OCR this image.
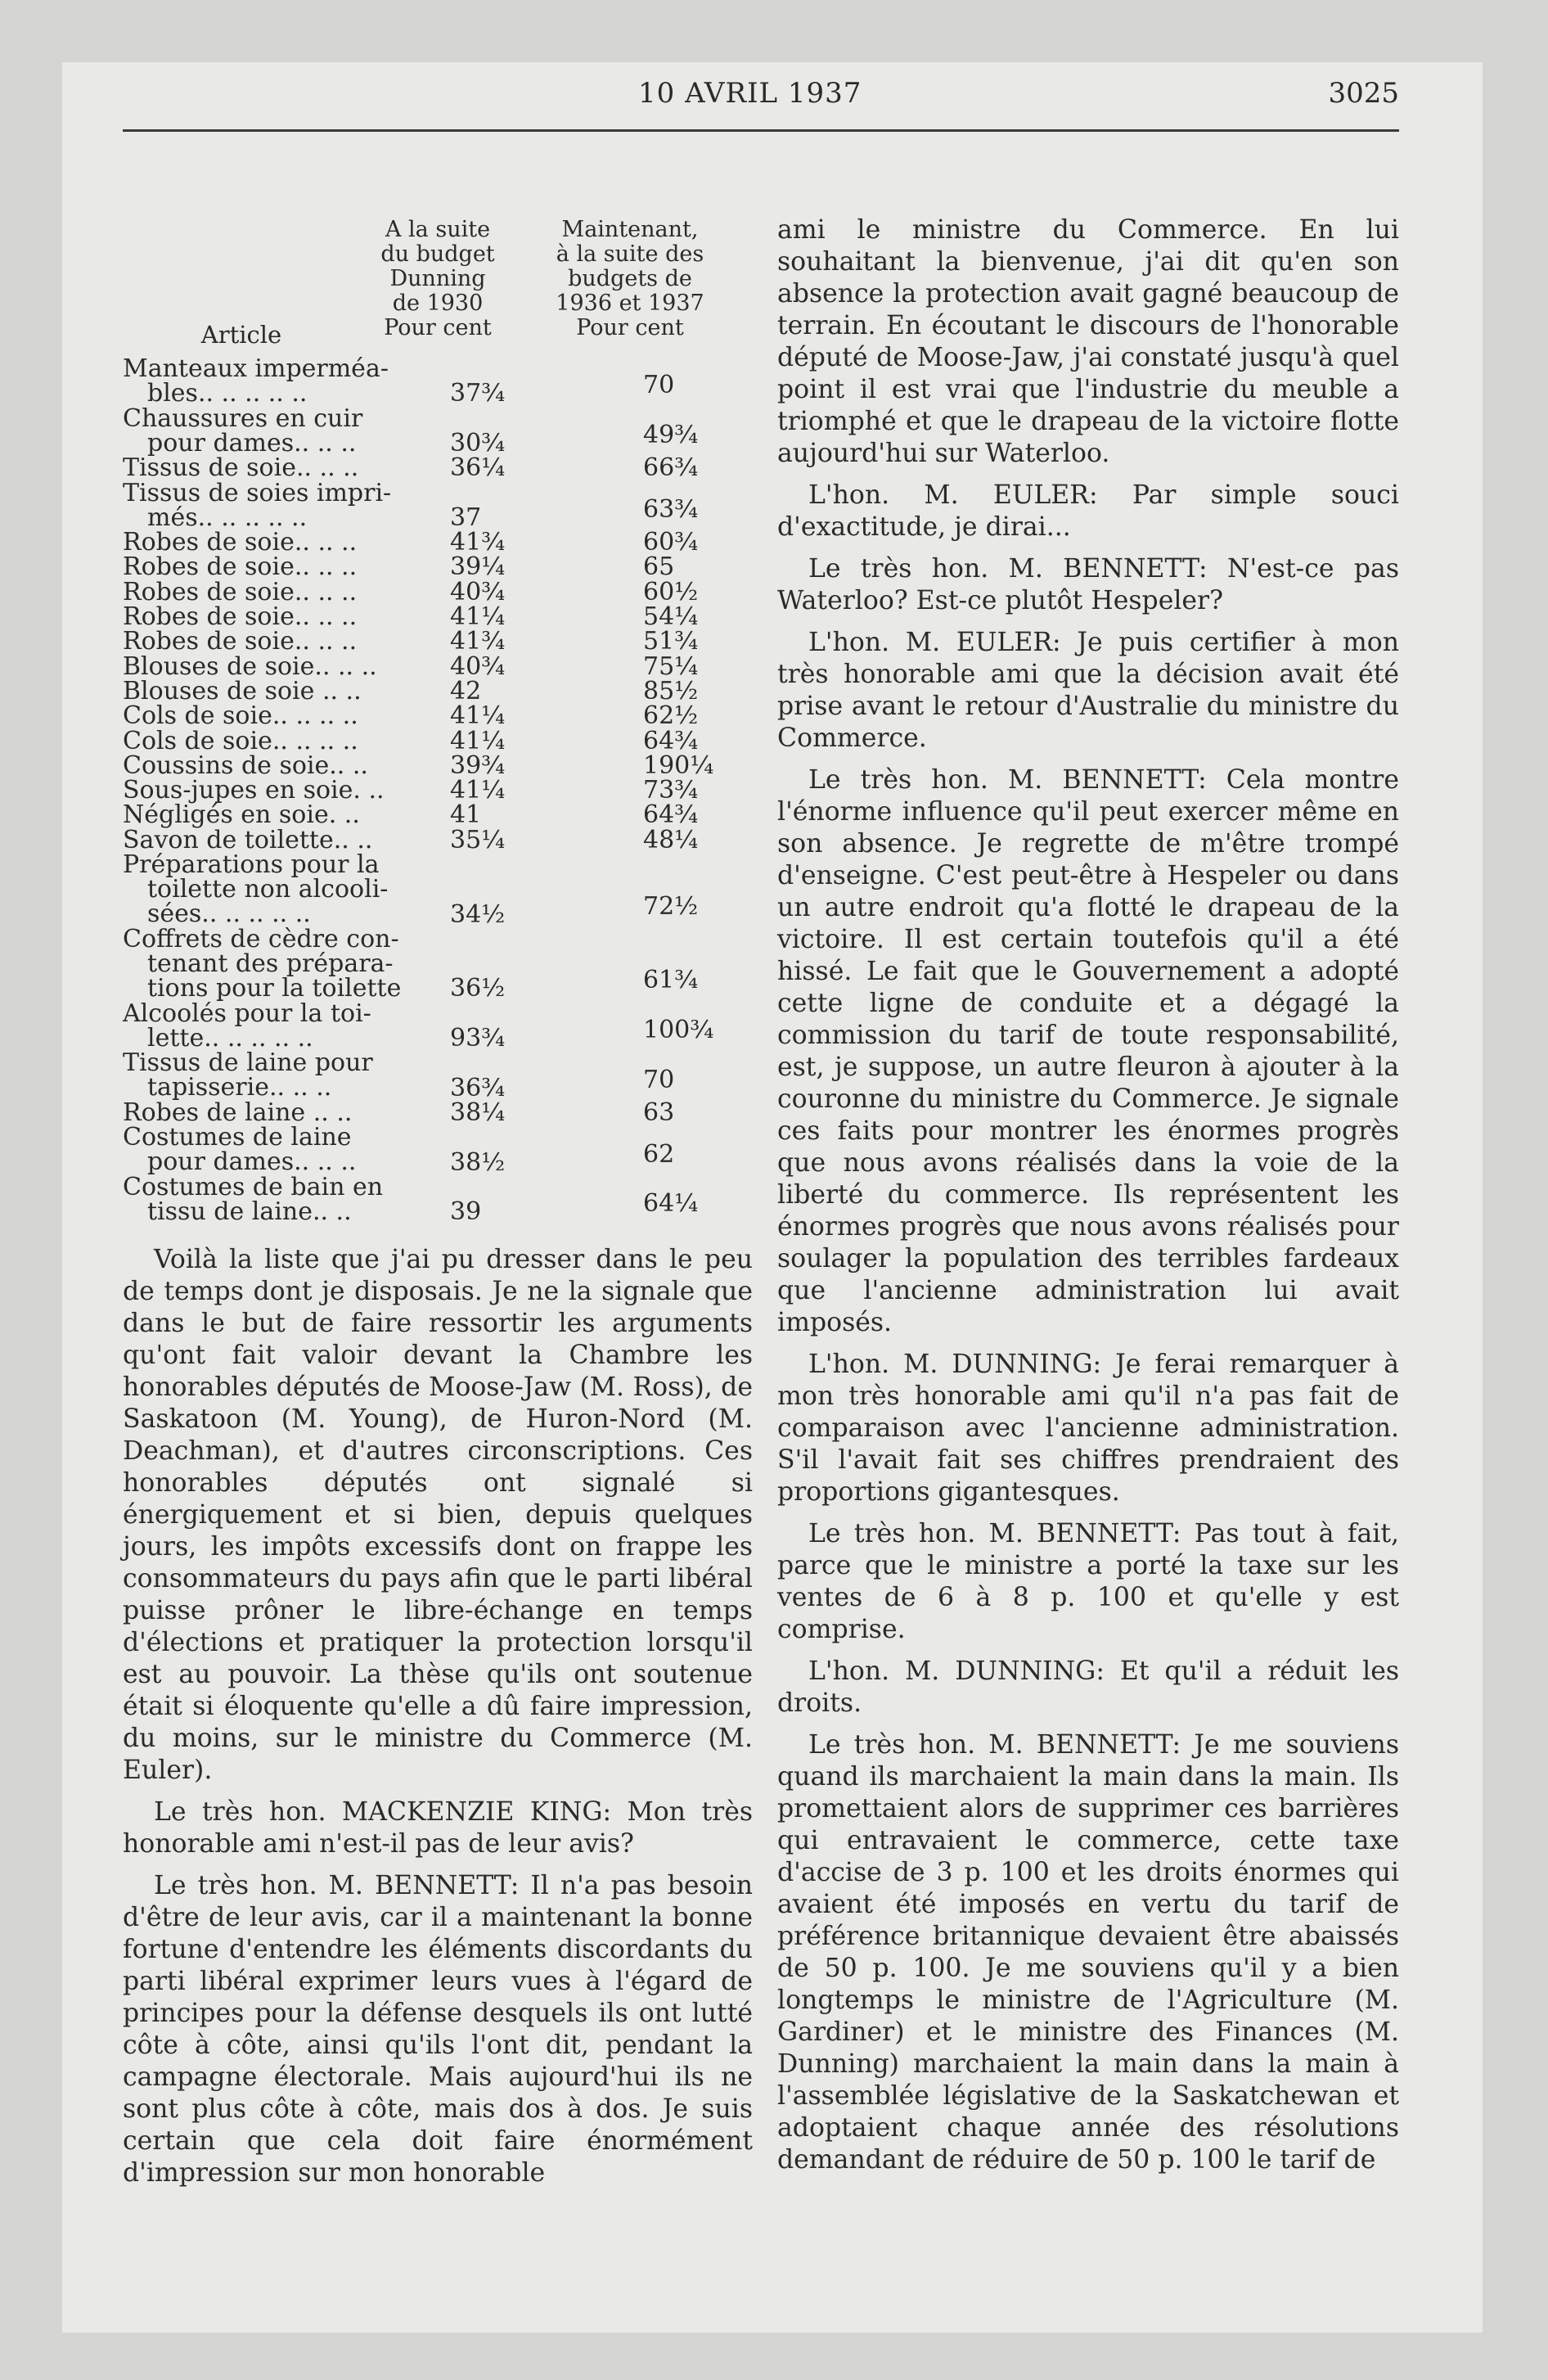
10 AVRIL 1937	3025
A la suite
du budget
Dunning
de 1930
Pour cent
Maintenant,
à la suite des
budgets de
1936 et 1937
Pour cent
Article
Manteaux imperméa-
bles.. .. .. .. ..	37¾	70
Chaussures en cuir
pour dames.. .. ..	30¾	49¾
Tissus de soie.. .. ..	36¼	66¾
Tissus de soies impri-
més.. .. .. .. ..	37	63¾
Robes de soie.. .. ..	41¾	60¾
Robes de soie.. .. ..	39¼	65
Robes de soie.. .. ..	40¾	60½
Robes de soie.. .. ..	41¼	54¼
Robes de soie.. .. ..	41¾	51¾
Blouses de soie.. .. ..	40¾	75¼
Blouses de soie .. ..	42	85½
Cols de soie.. .. .. ..	41¼	62½
Cols de soie.. .. .. ..	41¼	64¾
Coussins de soie.. ..	39¾	190¼
Sous-jupes en soie. ..	41¼	73¾
Négligés en soie. ..	41	64¾
Savon de toilette.. ..	35¼	48¼
Préparations pour la
toilette non alcooli-
sées.. .. .. .. ..	34½	72½
Coffrets de cèdre con-
tenant des prépara-
tions pour la toilette	36½	61¾
Alcoolés pour la toi-
lette.. .. .. .. ..	93¾	100¾
Tissus de laine pour
tapisserie.. .. ..	36¾	70
Robes de laine .. ..	38¼	63
Costumes de laine
pour dames.. .. ..	38½	62
Costumes de bain en
tissu de laine.. ..	39	64¼

Voilà la liste que j'ai pu dresser dans le peu de temps dont je disposais. Je ne la signale que dans le but de faire ressortir les arguments qu'ont fait valoir devant la Chambre les honorables députés de Moose-Jaw (M. Ross), de Saskatoon (M. Young), de Huron-Nord (M. Deachman), et d'autres circonscriptions. Ces honorables députés ont signalé si énergiquement et si bien, depuis quelques jours, les impôts excessifs dont on frappe les consommateurs du pays afin que le parti libéral puisse prôner le libre-échange en temps d'élections et pratiquer la protection lorsqu'il est au pouvoir. La thèse qu'ils ont soutenue était si éloquente qu'elle a dû faire impression, du moins, sur le ministre du Commerce (M. Euler).

Le très hon. MACKENZIE KING: Mon très honorable ami n'est-il pas de leur avis?

Le très hon. M. BENNETT: Il n'a pas besoin d'être de leur avis, car il a maintenant la bonne fortune d'entendre les éléments discordants du parti libéral exprimer leurs vues à l'égard de principes pour la défense desquels ils ont lutté côte à côte, ainsi qu'ils l'ont dit, pendant la campagne électorale. Mais aujourd'hui ils ne sont plus côte à côte, mais dos à dos. Je suis certain que cela doit faire énormément d'impression sur mon honorable

ami le ministre du Commerce. En lui souhaitant la bienvenue, j'ai dit qu'en son absence la protection avait gagné beaucoup de terrain. En écoutant le discours de l'honorable député de Moose-Jaw, j'ai constaté jusqu'à quel point il est vrai que l'industrie du meuble a triomphé et que le drapeau de la victoire flotte aujourd'hui sur Waterloo.

L'hon. M. EULER: Par simple souci d'exactitude, je dirai...

Le très hon. M. BENNETT: N'est-ce pas Waterloo? Est-ce plutôt Hespeler?

L'hon. M. EULER: Je puis certifier à mon très honorable ami que la décision avait été prise avant le retour d'Australie du ministre du Commerce.

Le très hon. M. BENNETT: Cela montre l'énorme influence qu'il peut exercer même en son absence. Je regrette de m'être trompé d'enseigne. C'est peut-être à Hespeler ou dans un autre endroit qu'a flotté le drapeau de la victoire. Il est certain toutefois qu'il a été hissé. Le fait que le Gouvernement a adopté cette ligne de conduite et a dégagé la commission du tarif de toute responsabilité, est, je suppose, un autre fleuron à ajouter à la couronne du ministre du Commerce. Je signale ces faits pour montrer les énormes progrès que nous avons réalisés dans la voie de la liberté du commerce. Ils représentent les énormes progrès que nous avons réalisés pour soulager la population des terribles fardeaux que l'ancienne administration lui avait imposés.

L'hon. M. DUNNING: Je ferai remarquer à mon très honorable ami qu'il n'a pas fait de comparaison avec l'ancienne administration. S'il l'avait fait ses chiffres prendraient des proportions gigantesques.

Le très hon. M. BENNETT: Pas tout à fait, parce que le ministre a porté la taxe sur les ventes de 6 à 8 p. 100 et qu'elle y est comprise.

L'hon. M. DUNNING: Et qu'il a réduit les droits.

Le très hon. M. BENNETT: Je me souviens quand ils marchaient la main dans la main. Ils promettaient alors de supprimer ces barrières qui entravaient le commerce, cette taxe d'accise de 3 p. 100 et les droits énormes qui avaient été imposés en vertu du tarif de préférence britannique devaient être abaissés de 50 p. 100. Je me souviens qu'il y a bien longtemps le ministre de l'Agriculture (M. Gardiner) et le ministre des Finances (M. Dunning) marchaient la main dans la main à l'assemblée législative de la Saskatchewan et adoptaient chaque année des résolutions demandant de réduire de 50 p. 100 le tarif de
